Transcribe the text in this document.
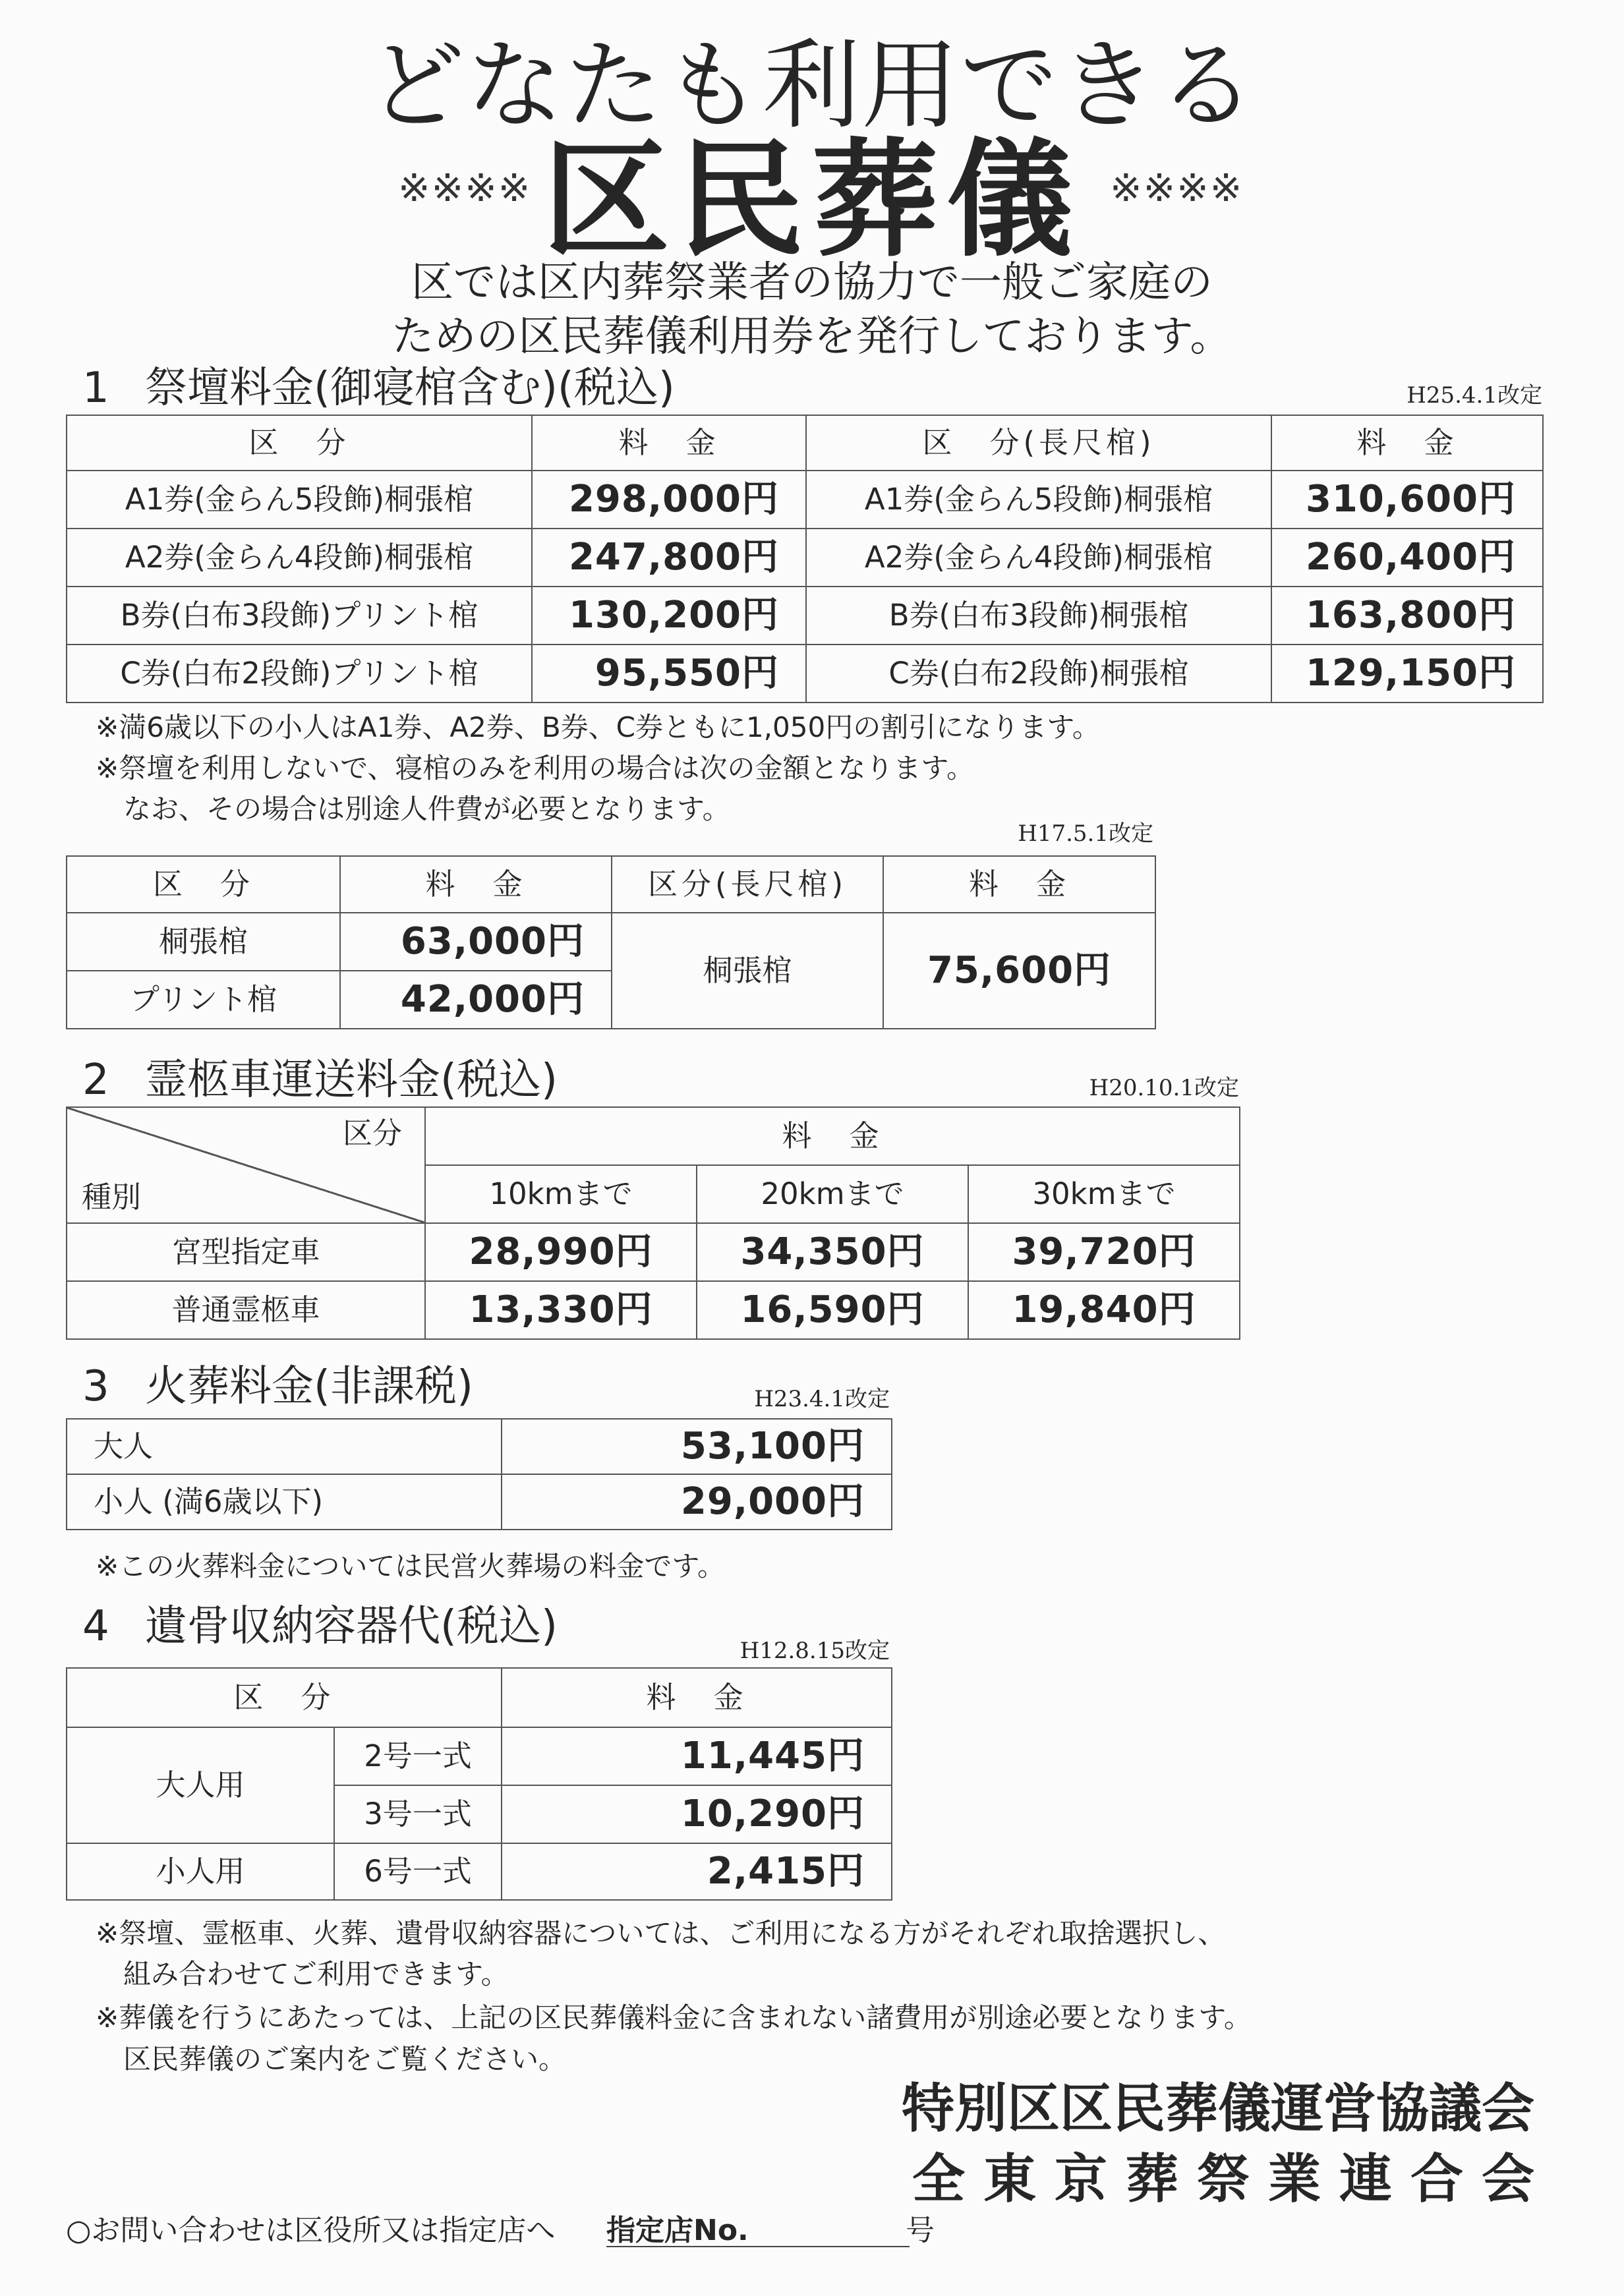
どなたも利用できる
※※※※ 区民葬儀 ※※※※
区では区内葬祭業者の協力で一般ご家庭の
ための区民葬儀利用券を発行しております。
1 祭壇料金(御寝棺含む)(税込)	H25.4.1改定
区　分	料　金	区　分(長尺棺)	料　金
A1券(金らん5段飾)桐張棺	298,000円	A1券(金らん5段飾)桐張棺	310,600円
A2券(金らん4段飾)桐張棺	247,800円	A2券(金らん4段飾)桐張棺	260,400円
B券(白布3段飾)プリント棺	130,200円	B券(白布3段飾)桐張棺	163,800円
C券(白布2段飾)プリント棺	95,550円	C券(白布2段飾)桐張棺	129,150円
※満6歳以下の小人はA1券、A2券、B券、C券ともに1,050円の割引になります。
※祭壇を利用しないで、寝棺のみを利用の場合は次の金額となります。
　なお、その場合は別途人件費が必要となります。
H17.5.1改定
区　分	料　金	区分(長尺棺)	料　金
桐張棺	63,000円	桐張棺	75,600円
プリント棺	42,000円		
2 霊柩車運送料金(税込)	H20.10.1改定
区分
種別	料　金		
	10kmまで	20kmまで	30kmまで
宮型指定車	28,990円	34,350円	39,720円
普通霊柩車	13,330円	16,590円	19,840円
3 火葬料金(非課税)	H23.4.1改定
大人	53,100円
小人 (満6歳以下)	29,000円
※この火葬料金については民営火葬場の料金です。
4 遺骨収納容器代(税込)	H12.8.15改定
区　分		料　金
大人用	2号一式	11,445円
	3号一式	10,290円
小人用	6号一式	2,415円
※祭壇、霊柩車、火葬、遺骨収納容器については、ご利用になる方がそれぞれ取捨選択し、
　組み合わせてご利用できます。
※葬儀を行うにあたっては、上記の区民葬儀料金に含まれない諸費用が別途必要となります。
　区民葬儀のご案内をご覧ください。
特別区区民葬儀運営協議会
全東京葬祭業連合会
○お問い合わせは区役所又は指定店へ 指定店No.	号
